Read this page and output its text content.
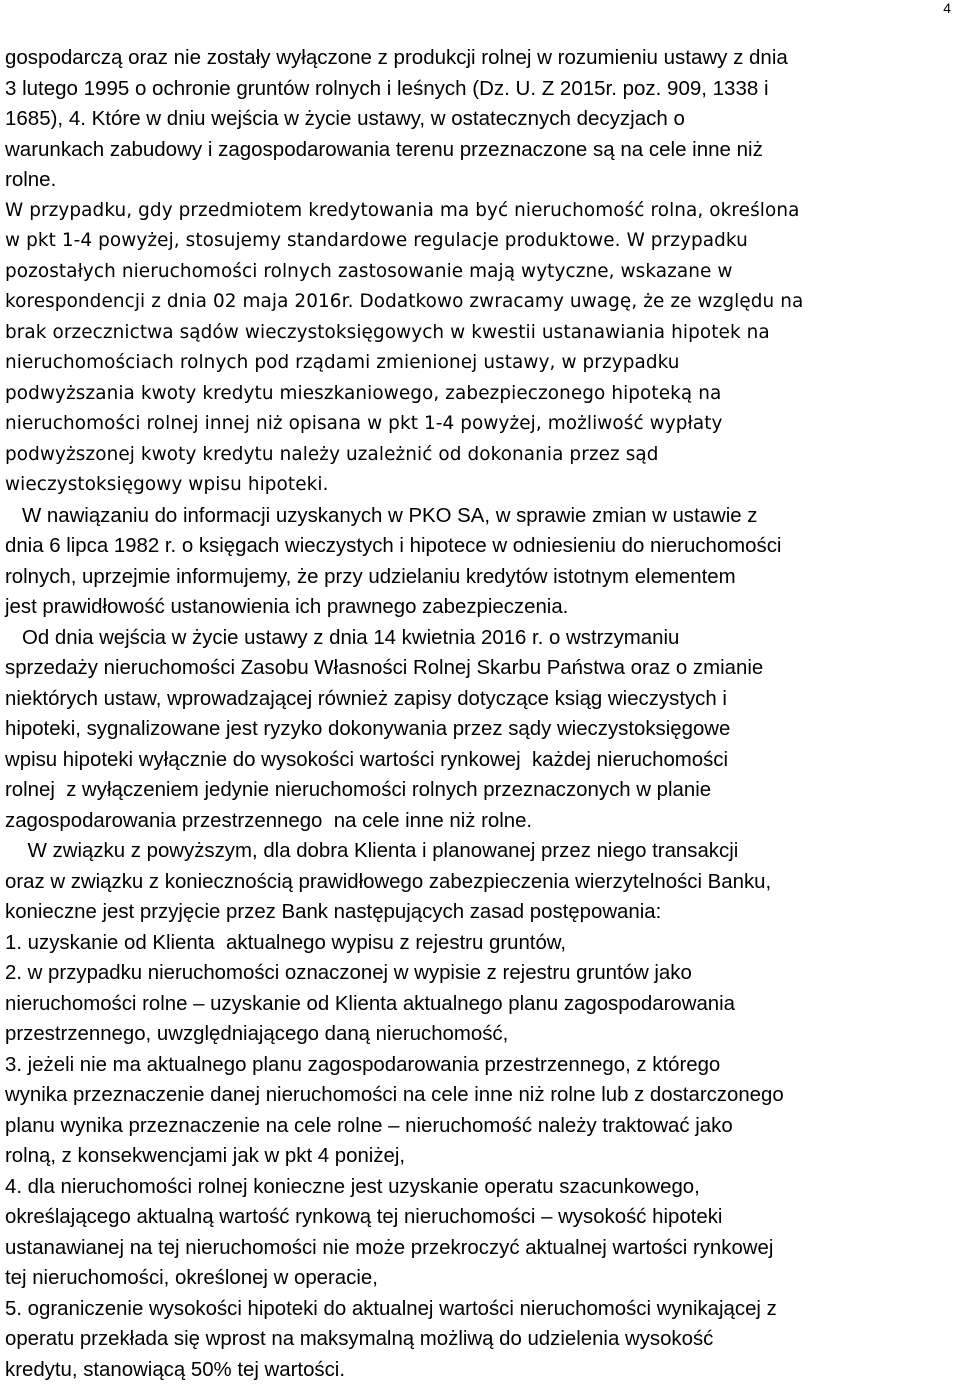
4
gospodarczą oraz nie zostały wyłączone z produkcji rolnej w rozumieniu ustawy z dnia
3 lutego 1995 o ochronie gruntów rolnych i leśnych (Dz. U. Z 2015r. poz. 909, 1338 i
1685), 4. Które w dniu wejścia w życie ustawy, w ostatecznych decyzjach o
warunkach zabudowy i zagospodarowania terenu przeznaczone są na cele inne niż
rolne.
W przypadku, gdy przedmiotem kredytowania ma być nieruchomość rolna, określona
w pkt 1-4 powyżej, stosujemy standardowe regulacje produktowe. W przypadku
pozostałych nieruchomości rolnych zastosowanie mają wytyczne, wskazane w
korespondencji z dnia 02 maja 2016r. Dodatkowo zwracamy uwagę, że ze względu na
brak orzecznictwa sądów wieczystoksięgowych w kwestii ustanawiania hipotek na
nieruchomościach rolnych pod rządami zmienionej ustawy, w przypadku
podwyższania kwoty kredytu mieszkaniowego, zabezpieczonego hipoteką na
nieruchomości rolnej innej niż opisana w pkt 1-4 powyżej, możliwość wypłaty
podwyższonej kwoty kredytu należy uzależnić od dokonania przez sąd
wieczystoksięgowy wpisu hipoteki.
W nawiązaniu do informacji uzyskanych w PKO SA, w sprawie zmian w ustawie z
dnia 6 lipca 1982 r. o księgach wieczystych i hipotece w odniesieniu do nieruchomości
rolnych, uprzejmie informujemy, że przy udzielaniu kredytów istotnym elementem
jest prawidłowość ustanowienia ich prawnego zabezpieczenia.
Od dnia wejścia w życie ustawy z dnia 14 kwietnia 2016 r. o wstrzymaniu
sprzedaży nieruchomości Zasobu Własności Rolnej Skarbu Państwa oraz o zmianie
niektórych ustaw, wprowadzającej również zapisy dotyczące ksiąg wieczystych i
hipoteki, sygnalizowane jest ryzyko dokonywania przez sądy wieczystoksięgowe
wpisu hipoteki wyłącznie do wysokości wartości rynkowej  każdej nieruchomości
rolnej  z wyłączeniem jedynie nieruchomości rolnych przeznaczonych w planie
zagospodarowania przestrzennego  na cele inne niż rolne.
W związku z powyższym, dla dobra Klienta i planowanej przez niego transakcji
oraz w związku z koniecznością prawidłowego zabezpieczenia wierzytelności Banku,
konieczne jest przyjęcie przez Bank następujących zasad postępowania:
1. uzyskanie od Klienta  aktualnego wypisu z rejestru gruntów,
2. w przypadku nieruchomości oznaczonej w wypisie z rejestru gruntów jako
nieruchomości rolne – uzyskanie od Klienta aktualnego planu zagospodarowania
przestrzennego, uwzględniającego daną nieruchomość,
3. jeżeli nie ma aktualnego planu zagospodarowania przestrzennego, z którego
wynika przeznaczenie danej nieruchomości na cele inne niż rolne lub z dostarczonego
planu wynika przeznaczenie na cele rolne – nieruchomość należy traktować jako
rolną, z konsekwencjami jak w pkt 4 poniżej,
4. dla nieruchomości rolnej konieczne jest uzyskanie operatu szacunkowego,
określającego aktualną wartość rynkową tej nieruchomości – wysokość hipoteki
ustanawianej na tej nieruchomości nie może przekroczyć aktualnej wartości rynkowej
tej nieruchomości, określonej w operacie,
5. ograniczenie wysokości hipoteki do aktualnej wartości nieruchomości wynikającej z
operatu przekłada się wprost na maksymalną możliwą do udzielenia wysokość
kredytu, stanowiącą 50% tej wartości.
